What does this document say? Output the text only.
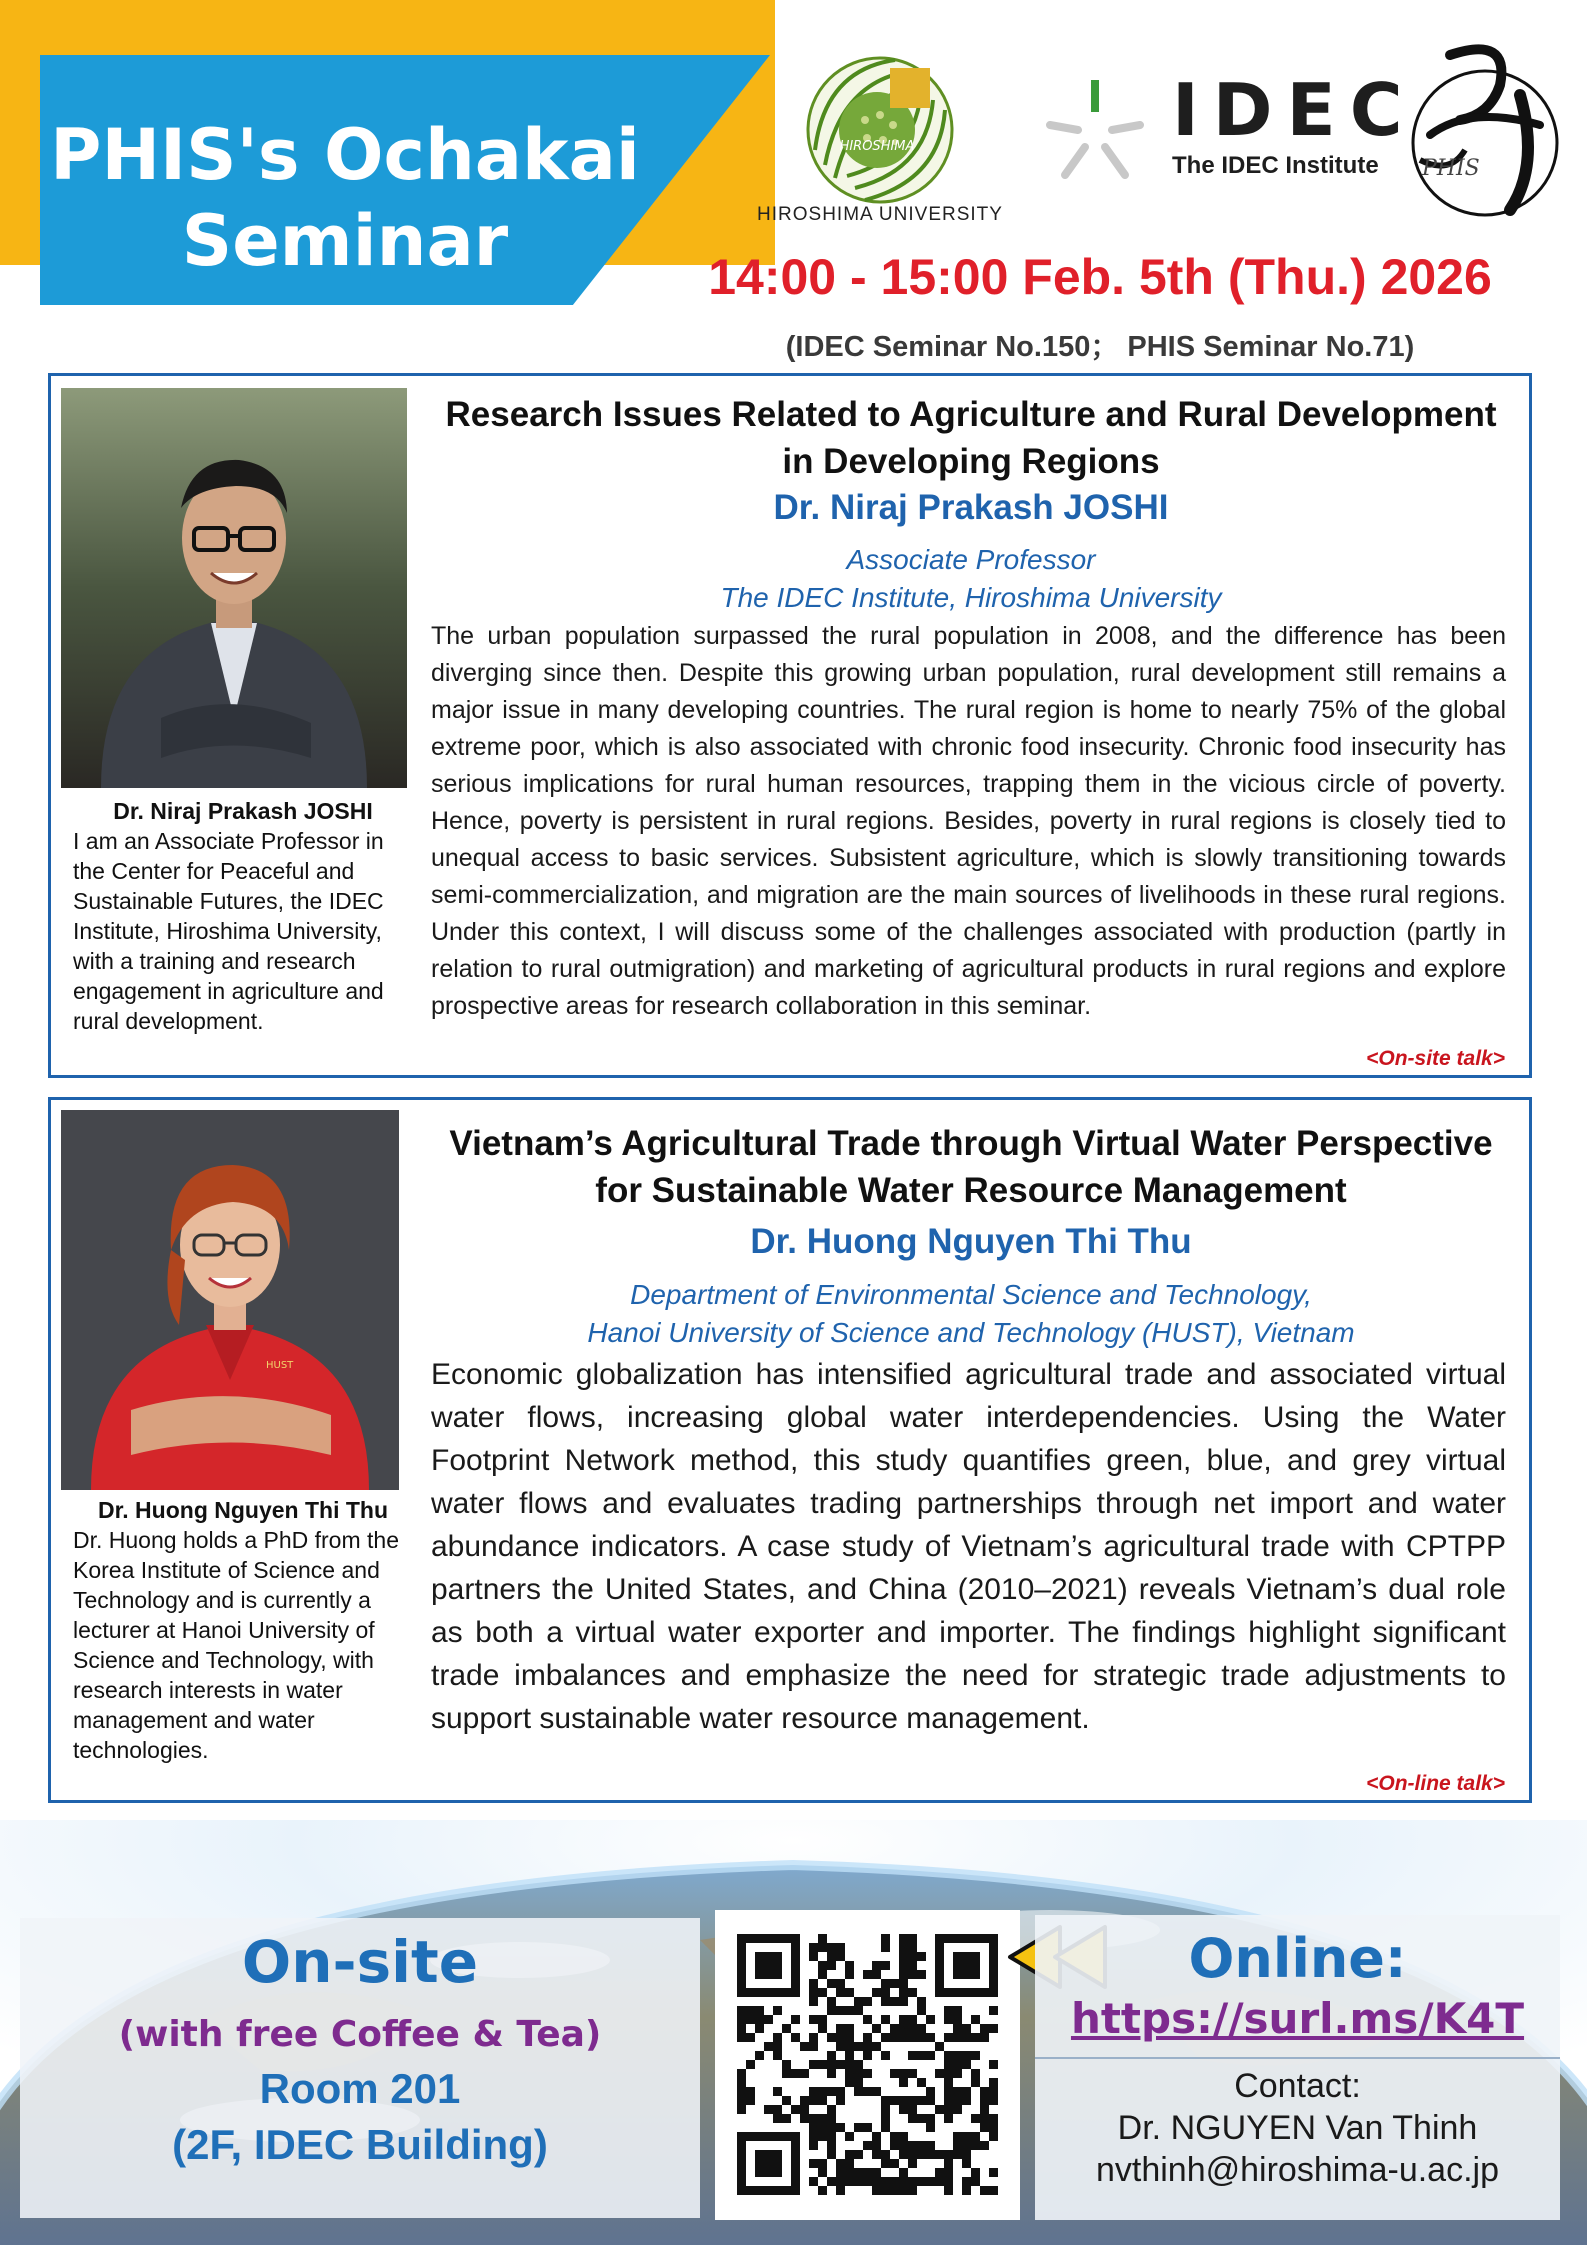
PHIS's Ochakai
Seminar
HIROSHIMA
HIROSHIMA UNIVERSITY
IDEC
The IDEC Institute PHIS
14:00 - 15:00 Feb. 5th (Thu.) 2026
(IDEC Seminar No.150； PHIS Seminar No.71)
Dr. Niraj Prakash JOSHI
I am an Associate Professor in the Center for Peaceful and Sustainable Futures, the IDEC Institute, Hiroshima University, with a training and research engagement in agriculture and rural development.
Research Issues Related to Agriculture and Rural Development in Developing Regions
Dr. Niraj Prakash JOSHI
Associate Professor
The IDEC Institute, Hiroshima University
The urban population surpassed the rural population in 2008, and the difference has been diverging since then. Despite this growing urban population, rural development still remains a major issue in many developing countries. The rural region is home to nearly 75% of the global extreme poor, which is also associated with chronic food insecurity. Chronic food insecurity has serious implications for rural human resources, trapping them in the vicious circle of poverty. Hence, poverty is persistent in rural regions. Besides, poverty in rural regions is closely tied to unequal access to basic services. Subsistent agriculture, which is slowly transitioning towards semi-commercialization, and migration are the main sources of livelihoods in these rural regions. Under this context, I will discuss some of the challenges associated with production (partly in relation to rural outmigration) and marketing of agricultural products in rural regions and explore prospective areas for research collaboration in this seminar.
<On-site talk>
HUST
Dr. Huong Nguyen Thi Thu
Dr. Huong holds a PhD from the Korea Institute of Science and Technology and is currently a lecturer at Hanoi University of Science and Technology, with research interests in water management and water technologies.
Vietnam’s Agricultural Trade through Virtual Water Perspective for Sustainable Water Resource Management
Dr. Huong Nguyen Thi Thu
Department of Environmental Science and Technology,
Hanoi University of Science and Technology (HUST), Vietnam
Economic globalization has intensified agricultural trade and associated virtual water flows, increasing global water interdependencies. Using the Water Footprint Network method, this study quantifies green, blue, and grey virtual water flows and evaluates trading partnerships through net import and water abundance indicators. A case study of Vietnam’s agricultural trade with CPTPP partners the United States, and China (2010–2021) reveals Vietnam’s dual role as both a virtual water exporter and importer. The findings highlight significant trade imbalances and emphasize the need for strategic trade adjustments to support sustainable water resource management.
<On-line talk>
On-site
(with free Coffee & Tea)
Room 201
(2F, IDEC Building)
Online:
https://surl.ms/K4T
Contact:
Dr. NGUYEN Van Thinh
nvthinh@hiroshima-u.ac.jp
